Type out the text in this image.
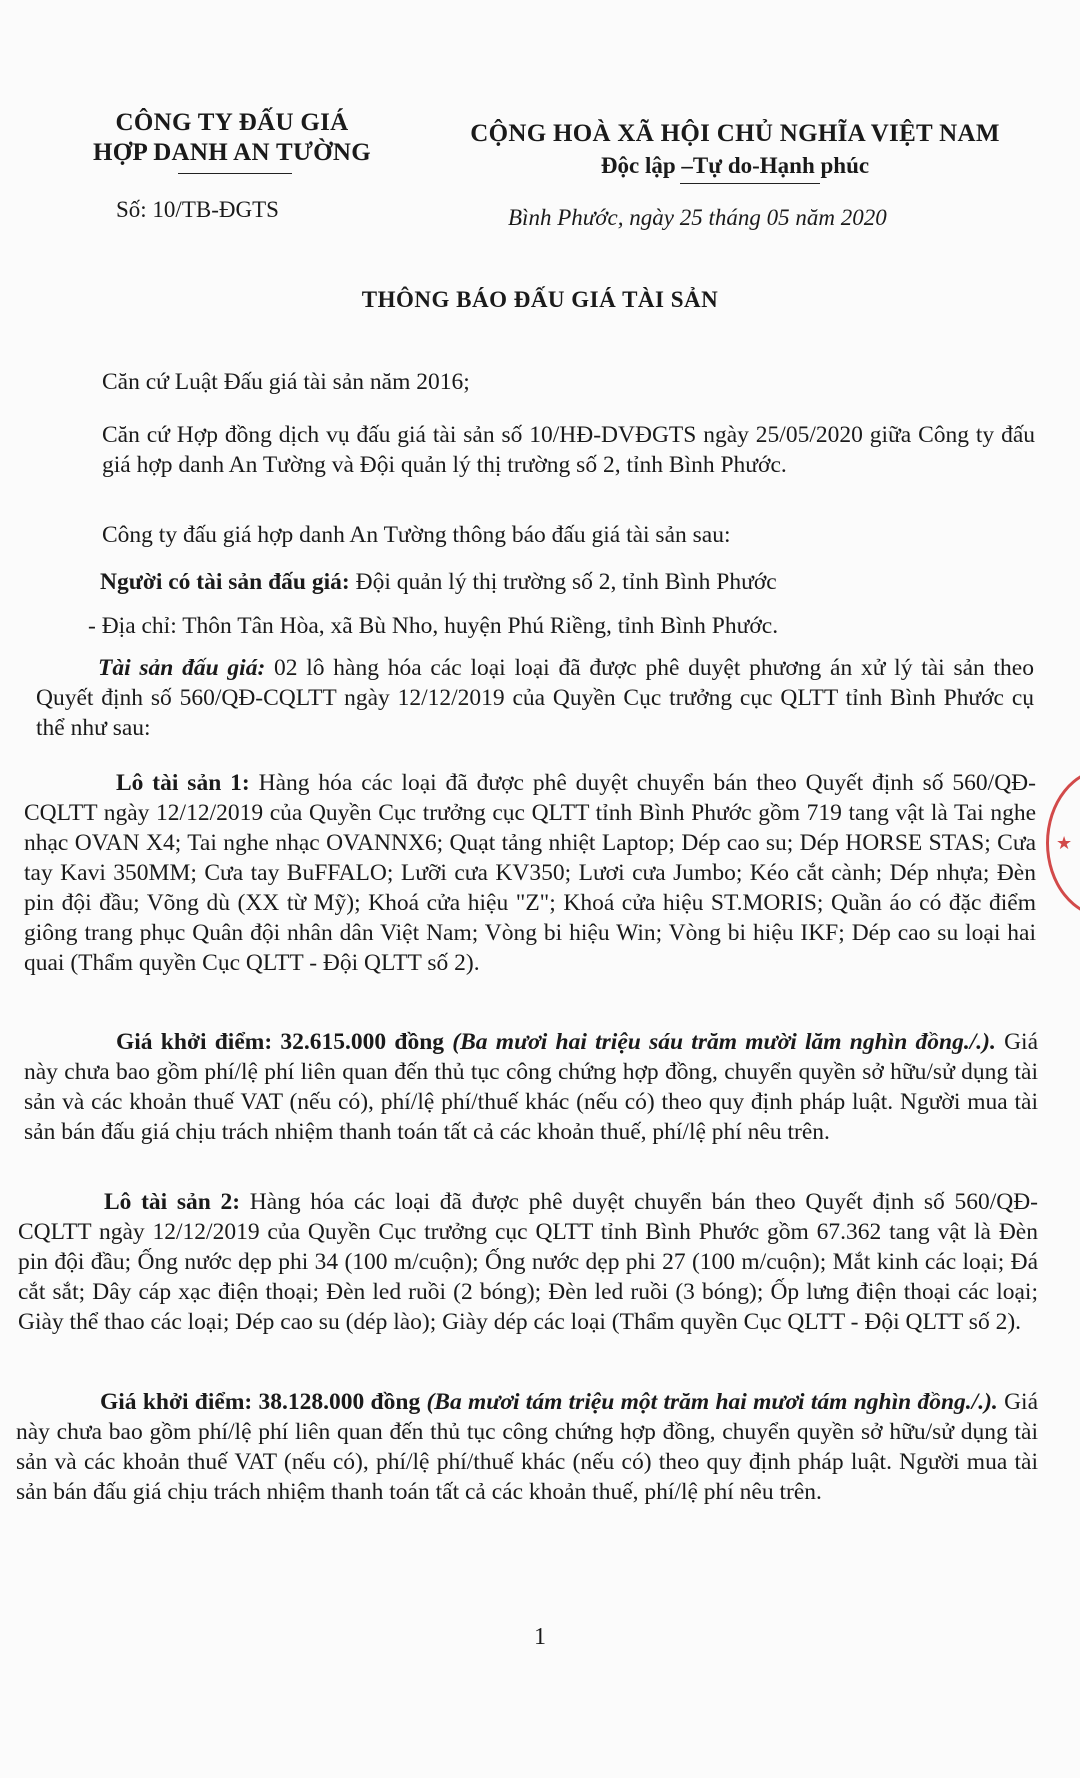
CÔNG TY ĐẤU GIÁ
HỢP DANH AN TƯỜNG
CỘNG HOÀ XÃ HỘI CHỦ NGHĨA VIỆT NAM
Độc lập –Tự do-Hạnh phúc
Số: 10/TB-ĐGTS	Bình Phước, ngày 25 tháng 05 năm 2020
THÔNG BÁO ĐẤU GIÁ TÀI SẢN
Căn cứ Luật Đấu giá tài sản năm 2016;
Căn cứ Hợp đồng dịch vụ đấu giá tài sản số 10/HĐ-DVĐGTS ngày 25/05/2020 giữa Công ty đấu giá hợp danh An Tường và Đội quản lý thị trường số 2, tỉnh Bình Phước.
Công ty đấu giá hợp danh An Tường thông báo đấu giá tài sản sau:
Người có tài sản đấu giá: Đội quản lý thị trường số 2, tỉnh Bình Phước
- Địa chỉ: Thôn Tân Hòa, xã Bù Nho, huyện Phú Riềng, tỉnh Bình Phước.
Tài sản đấu giá: 02 lô hàng hóa các loại loại đã được phê duyệt phương án xử lý tài sản theo Quyết định số 560/QĐ-CQLTT ngày 12/12/2019 của Quyền Cục trưởng cục QLTT tỉnh Bình Phước cụ thể như sau:
Lô tài sản 1: Hàng hóa các loại đã được phê duyệt chuyển bán theo Quyết định số 560/QĐ-CQLTT ngày 12/12/2019 của Quyền Cục trưởng cục QLTT tỉnh Bình Phước gồm 719 tang vật là Tai nghe nhạc OVAN X4; Tai nghe nhạc OVANNX6; Quạt tảng nhiệt Laptop; Dép cao su; Dép HORSE STAS; Cưa tay Kavi 350MM; Cưa tay BuFFALO; Lưỡi cưa KV350; Lươi cưa Jumbo; Kéo cắt cành; Dép nhựa; Đèn pin đội đầu; Võng dù (XX từ Mỹ); Khoá cửa hiệu "Z"; Khoá cửa hiệu ST.MORIS; Quần áo có đặc điểm giông trang phục Quân đội nhân dân Việt Nam; Vòng bi hiệu Win; Vòng bi hiệu IKF; Dép cao su loại hai quai (Thẩm quyền Cục QLTT - Đội QLTT số 2).
Giá khởi điểm: 32.615.000 đồng (Ba mươi hai triệu sáu trăm mười lăm nghìn đồng./.). Giá này chưa bao gồm phí/lệ phí liên quan đến thủ tục công chứng hợp đồng, chuyển quyền sở hữu/sử dụng tài sản và các khoản thuế VAT (nếu có), phí/lệ phí/thuế khác (nếu có) theo quy định pháp luật. Người mua tài sản bán đấu giá chịu trách nhiệm thanh toán tất cả các khoản thuế, phí/lệ phí nêu trên.
Lô tài sản 2: Hàng hóa các loại đã được phê duyệt chuyển bán theo Quyết định số 560/QĐ-CQLTT ngày 12/12/2019 của Quyền Cục trưởng cục QLTT tỉnh Bình Phước gồm 67.362 tang vật là Đèn pin đội đầu; Ống nước dẹp phi 34 (100 m/cuộn); Ống nước dẹp phi 27 (100 m/cuộn); Mắt kinh các loại; Đá cắt sắt; Dây cáp xạc điện thoại; Đèn led ruồi (2 bóng); Đèn led ruồi (3 bóng); Ốp lưng điện thoại các loại; Giày thể thao các loại; Dép cao su (dép lào); Giày dép các loại (Thẩm quyền Cục QLTT - Đội QLTT số 2).
Giá khởi điểm: 38.128.000 đồng (Ba mươi tám triệu một trăm hai mươi tám nghìn đồng./.). Giá này chưa bao gồm phí/lệ phí liên quan đến thủ tục công chứng hợp đồng, chuyển quyền sở hữu/sử dụng tài sản và các khoản thuế VAT (nếu có), phí/lệ phí/thuế khác (nếu có) theo quy định pháp luật. Người mua tài sản bán đấu giá chịu trách nhiệm thanh toán tất cả các khoản thuế, phí/lệ phí nêu trên.
★
1
